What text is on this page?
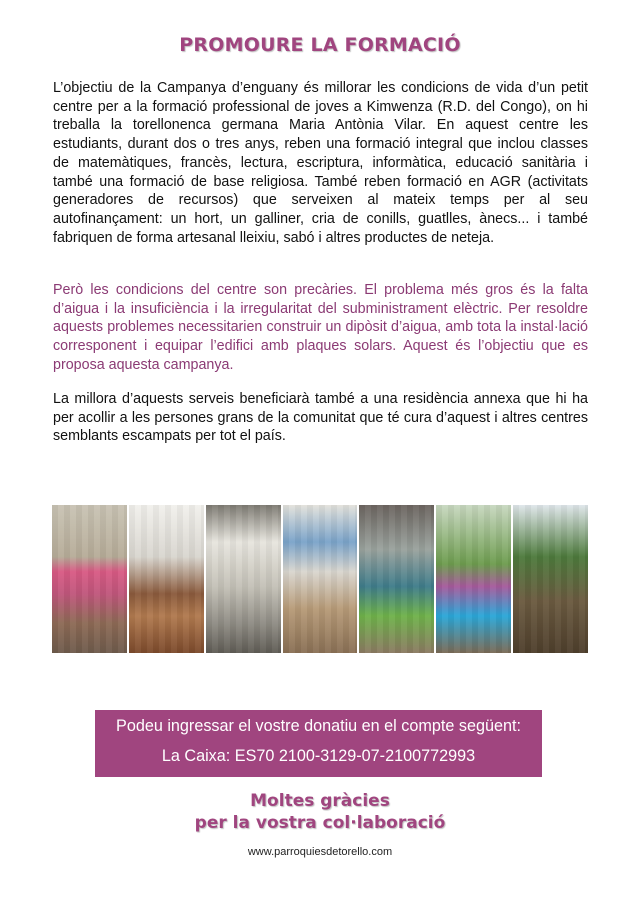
PROMOURE LA FORMACIÓ

L’objectiu de la Campanya d’enguany és millorar les condicions de vida d’un petit centre per a la formació professional de joves a Kimwenza (R.D. del Congo), on hi treballa la torellonenca germana Maria Antònia Vilar. En aquest centre les estudiants, durant dos o tres anys, reben una formació integral que inclou classes de matemàtiques, francès, lectura, escriptura, informàtica, educació sanitària i també una formació de base religiosa. També reben formació en AGR (activitats generadores de recursos) que serveixen al mateix temps per al seu autofinançament: un hort, un galliner, cria de conills, guatlles, ànecs... i també fabriquen de forma artesanal lleixiu, sabó i altres productes de neteja.

Però les condicions del centre son precàries. El problema més gros és la falta d’aigua i la insuficiència i la irregularitat del subministrament elèctric. Per resoldre aquests problemes necessitarien construir un dipòsit d’aigua, amb tota la instal·lació corresponent i equipar l’edifici amb plaques solars. Aquest és l’objectiu que es proposa aquesta campanya.

La millora d’aquests serveis beneficiarà també a una residència annexa que hi ha per acollir a les persones grans de la comunitat que té cura d’aquest i altres centres semblants escampats per tot el país.

Podeu ingressar el vostre donatiu en el compte següent:
La Caixa: ES70 2100-3129-07-2100772993
Moltes gràcies
per la vostra col·laboració
www.parroquiesdetorello.com
